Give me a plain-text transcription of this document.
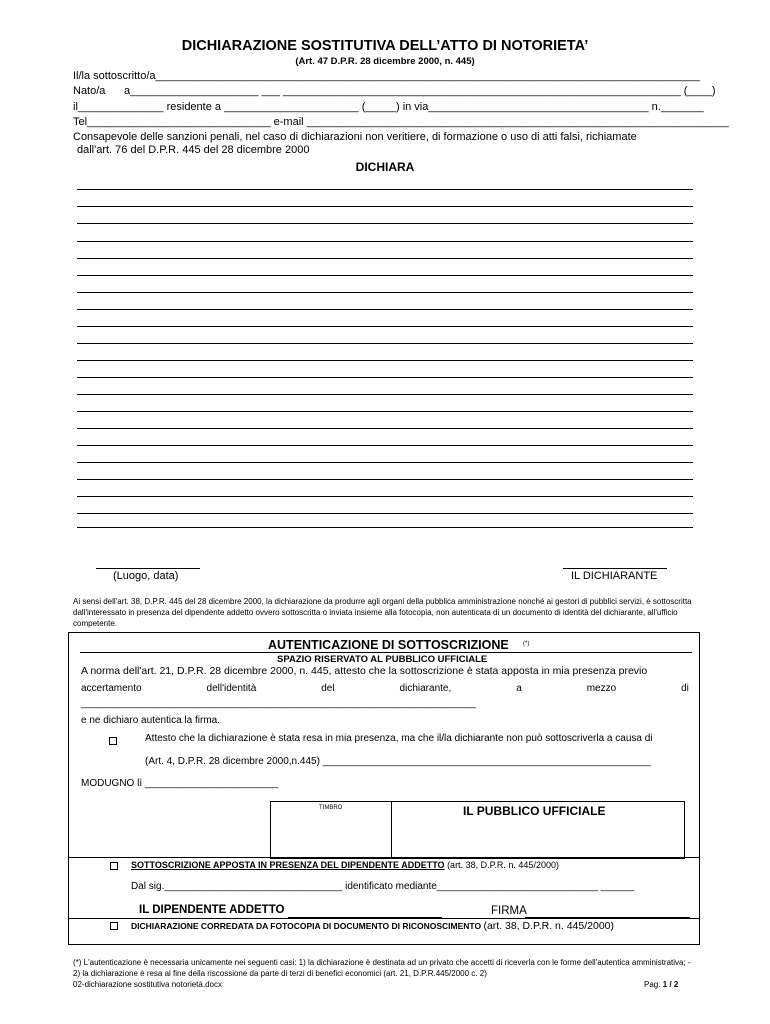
DICHIARAZIONE SOSTITUTIVA DELL’ATTO DI NOTORIETA’
(Art. 47 D.P.R. 28 dicembre 2000, n. 445)
Il/la sottoscritto/a_________________________________________________________________________________________
Nato/a a_____________________ ___ _________________________________________________________________ (____)
il______________ residente a ______________________ (_____) in via____________________________________ n._______
Tel______________________________ e-mail _____________________________________________________________________
Consapevole delle sanzioni penali, nel caso di dichiarazioni non veritiere, di formazione o uso di atti falsi, richiamate
dall'art. 76 del D.P.R. 445 del 28 dicembre 2000
DICHIARA
(Luogo, data)	IL DICHIARANTE
Ai sensi dell'art. 38, D.P.R. 445 del 28 dicembre 2000, la dichiarazione da produrre agli organi della pubblica amministrazione nonché ai gestori di pubblici servizi, è sottoscritta dall'interessato in presenza del dipendente addetto ovvero sottoscritta o inviata insieme alla fotocopia, non autenticata di un documento di identità del dichiarante, all'ufficio competente.
AUTENTICAZIONE DI SOTTOSCRIZIONE (*)
SPAZIO RISERVATO AL PUBBLICO UFFICIALE
A norma dell'art. 21, D.P.R. 28 dicembre 2000, n. 445, attesto che la sottoscrizione è stata apposta in mia presenza previo
accertamento	dell'identità	del	dichiarante,	a	mezzo	di
_______________________________________________________________________
e ne dichiaro autentica la firma.
Attesto che la dichiarazione è stata resa in mia presenza, ma che il/la dichiarante non può sottoscriverla a causa di
(Art. 4, D.P.R. 28 dicembre 2000,n.445) ___________________________________________________________
MODUGNO lì ________________________
TIMBRO	IL PUBBLICO UFFICIALE
SOTTOSCRIZIONE APPOSTA IN PRESENZA DEL DIPENDENTE ADDETTO (art. 38, D.P.R. n. 445/2000)
Dal sig.________________________________ identificato mediante_____________________________ ______
IL DIPENDENTE ADDETTO	FIRMA
DICHIARAZIONE CORREDATA DA FOTOCOPIA DI DOCUMENTO DI RICONOSCIMENTO (art. 38, D.P.R. n. 445/2000)
(*) L'autenticazione è necessaria unicamente nei seguenti casi: 1) la dichiarazione è destinata ad un privato che accetti di riceverla con le forme dell'autentica amministrativa; - 2) la dichiarazione è resa al fine della riscossione da parte di terzi di benefici economici (art. 21, D.P.R.445/2000 c. 2)
02-dichiarazione sostitutiva notorietà.docx	Pag. 1 / 2
